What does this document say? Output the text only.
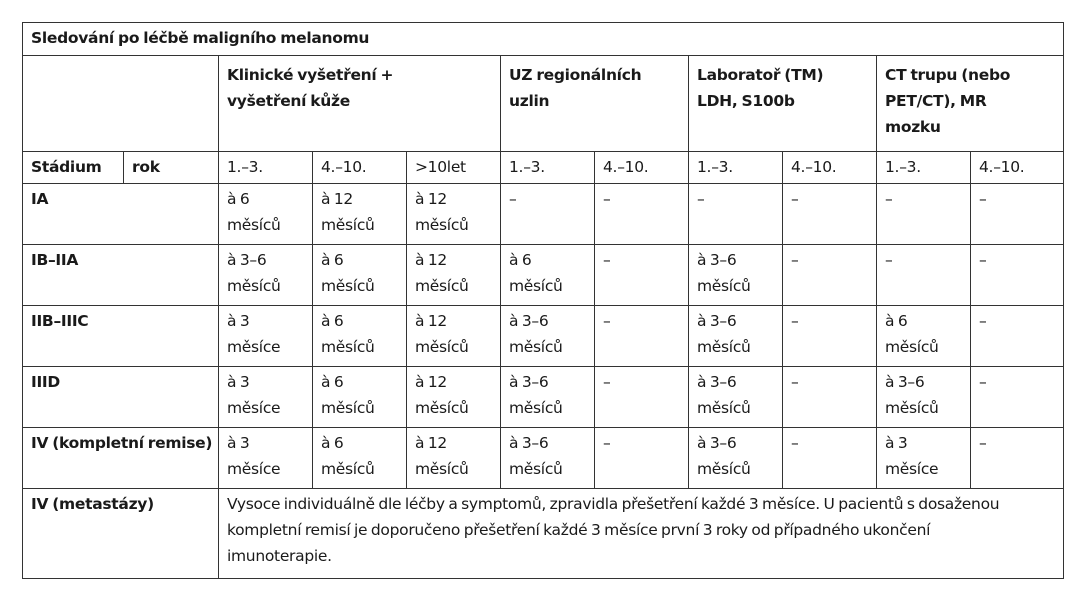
Sledování po léčbě maligního melanomu										
		Klinické vyšetření + vyšetření kůže			UZ regionálních uzlin		Laboratoř (TM) LDH, S100b		CT trupu (nebo PET/CT), MR mozku	
Stádium	rok	1.–3.	4.–10.	>10let	1.–3.	4.–10.	1.–3.	4.–10.	1.–3.	4.–10.
IA		à 6 měsíců	à 12 měsíců	à 12 měsíců	–	–	–	–	–	–
IB–IIA		à 3–6 měsíců	à 6 měsíců	à 12 měsíců	à 6 měsíců	–	à 3–6 měsíců	–	–	–
IIB–IIIC		à 3 měsíce	à 6 měsíců	à 12 měsíců	à 3–6 měsíců	–	à 3–6 měsíců	–	à 6 měsíců	–
IIID		à 3 měsíce	à 6 měsíců	à 12 měsíců	à 3–6 měsíců	–	à 3–6 měsíců	–	à 3–6 měsíců	–
IV (kompletní remise)		à 3 měsíce	à 6 měsíců	à 12 měsíců	à 3–6 měsíců	–	à 3–6 měsíců	–	à 3 měsíce	–
IV (metastázy)		Vysoce individuálně dle léčby a symptomů, zpravidla přešetření každé 3 měsíce. U pacientů s dosaženou kompletní remisí je doporučeno přešetření každé 3 měsíce první 3 roky od případného ukončení imunoterapie.								
